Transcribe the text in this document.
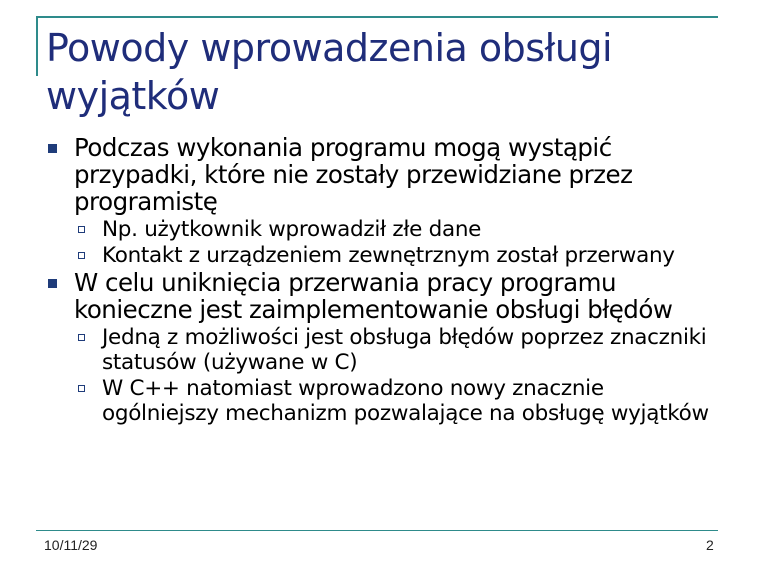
Powody wprowadzenia obsługi wyjątków
Podczas wykonania programu mogą wystąpić przypadki, które nie zostały przewidziane przez programistę
Np. użytkownik wprowadził złe dane
Kontakt z urządzeniem zewnętrznym został przerwany
W celu uniknięcia przerwania pracy programu konieczne jest zaimplementowanie obsługi błędów
Jedną z możliwości jest obsługa błędów poprzez znaczniki statusów (używane w C)
W C++ natomiast wprowadzono nowy znacznie ogólniejszy mechanizm pozwalające na obsługę wyjątków
10/11/29	2
